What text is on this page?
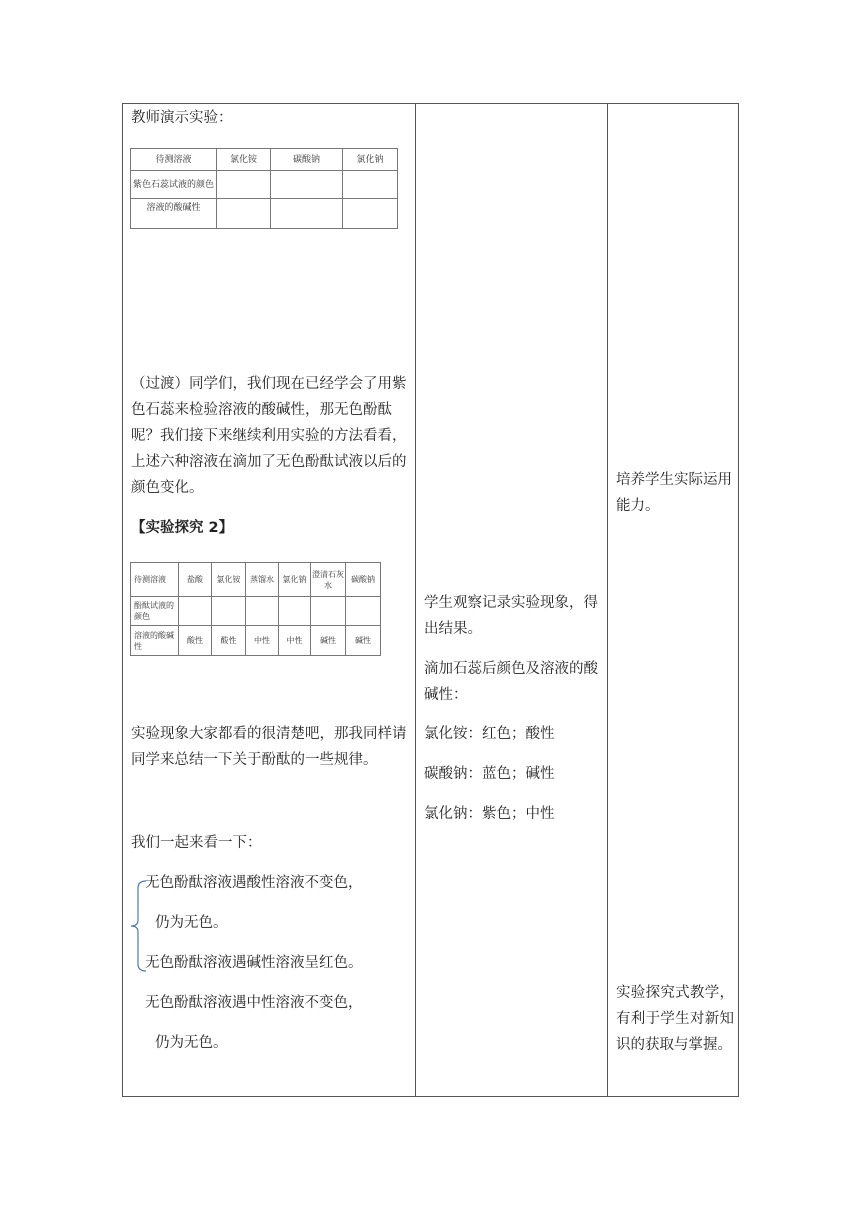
教师演示实验：
待测溶液	氯化铵	碳酸钠	氯化钠
紫色石蕊试液的颜色			
溶液的酸碱性			
（过渡）同学们，我们现在已经学会了用紫色石蕊来检验溶液的酸碱性，那无色酚酞呢？我们接下来继续利用实验的方法看看，上述六种溶液在滴加了无色酚酞试液以后的颜色变化。
【实验探究 2】
待测溶液	盐酸	氯化铵	蒸馏水	氯化钠	澄清石灰水	碳酸钠
酚酞试液的颜色						
溶液的酸碱性	酸性	酸性	中性	中性	碱性	碱性
实验现象大家都看的很清楚吧，那我同样请同学来总结一下关于酚酞的一些规律。
我们一起来看一下：
无色酚酞溶液遇酸性溶液不变色，
仍为无色。
无色酚酞溶液遇碱性溶液呈红色。
无色酚酞溶液遇中性溶液不变色，
仍为无色。
学生观察记录实验现象，得出结果。
滴加石蕊后颜色及溶液的酸碱性：
氯化铵：红色；酸性
碳酸钠：蓝色；碱性
氯化钠：紫色；中性
培养学生实际运用能力。
实验探究式教学，有利于学生对新知识的获取与掌握。
